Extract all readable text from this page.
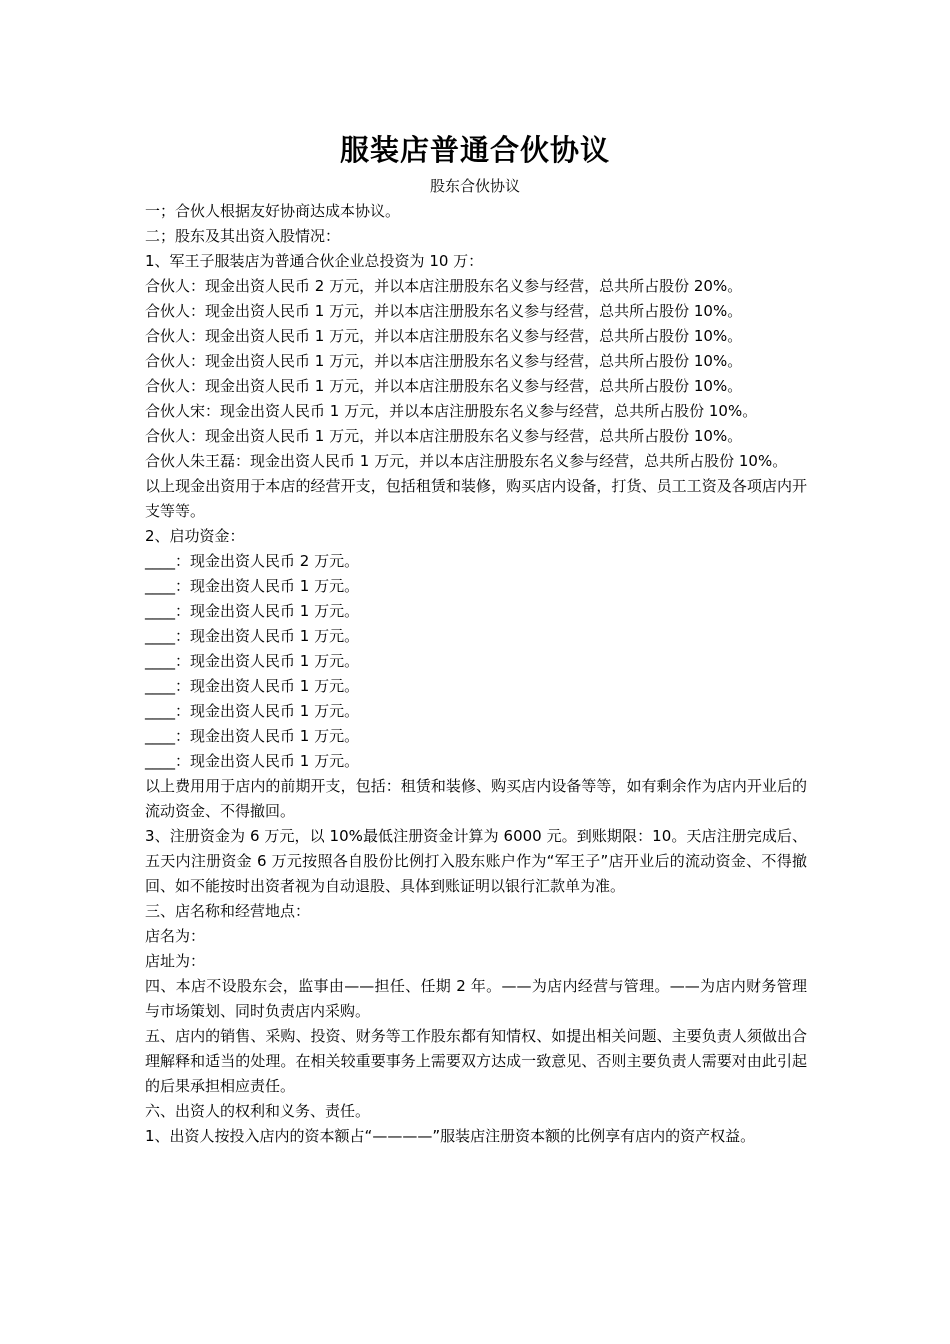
服装店普通合伙协议
股东合伙协议

一；合伙人根据友好协商达成本协议。

二；股东及其出资入股情况：

1、军王子服装店为普通合伙企业总投资为 10 万：

合伙人：现金出资人民币 2 万元，并以本店注册股东名义参与经营，总共所占股份 20%。

合伙人：现金出资人民币 1 万元，并以本店注册股东名义参与经营，总共所占股份 10%。

合伙人：现金出资人民币 1 万元，并以本店注册股东名义参与经营，总共所占股份 10%。

合伙人：现金出资人民币 1 万元，并以本店注册股东名义参与经营，总共所占股份 10%。

合伙人：现金出资人民币 1 万元，并以本店注册股东名义参与经营，总共所占股份 10%。

合伙人宋：现金出资人民币 1 万元，并以本店注册股东名义参与经营，总共所占股份 10%。

合伙人：现金出资人民币 1 万元，并以本店注册股东名义参与经营，总共所占股份 10%。

合伙人朱王磊：现金出资人民币 1 万元，并以本店注册股东名义参与经营，总共所占股份 10%。

以上现金出资用于本店的经营开支，包括租赁和装修，购买店内设备，打货、员工工资及各项店内开支等等。

2、启功资金：

____：现金出资人民币 2 万元。

____：现金出资人民币 1 万元。

____：现金出资人民币 1 万元。

____：现金出资人民币 1 万元。

____：现金出资人民币 1 万元。

____：现金出资人民币 1 万元。

____：现金出资人民币 1 万元。

____：现金出资人民币 1 万元。

____：现金出资人民币 1 万元。

以上费用用于店内的前期开支，包括：租赁和装修、购买店内设备等等，如有剩余作为店内开业后的流动资金、不得撤回。

3、注册资金为 6 万元，以 10%最低注册资金计算为 6000 元。到账期限：10。天店注册完成后、五天内注册资金 6 万元按照各自股份比例打入股东账户作为“军王子”店开业后的流动资金、不得撤回、如不能按时出资者视为自动退股、具体到账证明以银行汇款单为准。

三、店名称和经营地点：

店名为：

店址为：

四、本店不设股东会，监事由——担任、任期 2 年。——为店内经营与管理。——为店内财务管理与市场策划、同时负责店内采购。

五、店内的销售、采购、投资、财务等工作股东都有知情权、如提出相关问题、主要负责人须做出合理解释和适当的处理。在相关较重要事务上需要双方达成一致意见、否则主要负责人需要对由此引起的后果承担相应责任。

六、出资人的权利和义务、责任。

1、出资人按投入店内的资本额占“————”服装店注册资本额的比例享有店内的资产权益。
